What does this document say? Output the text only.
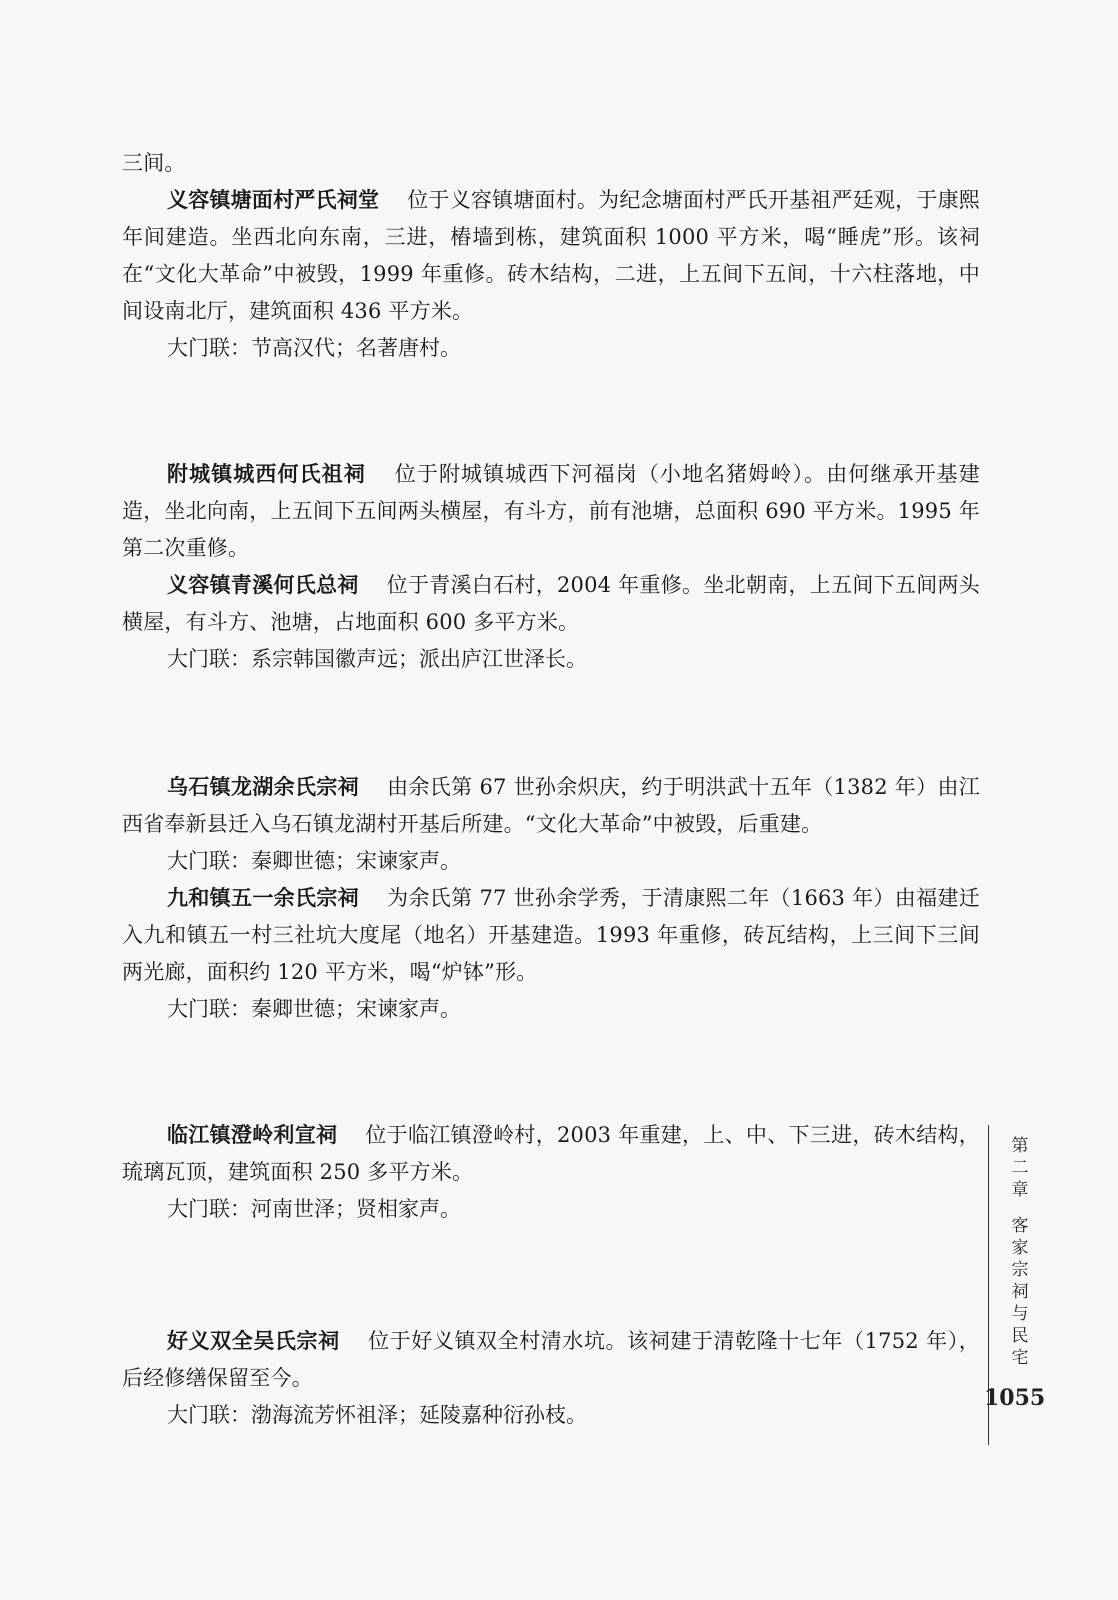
三间。

义容镇塘面村严氏祠堂 位于义容镇塘面村。为纪念塘面村严氏开基祖严廷观，于康熙年间建造。坐西北向东南，三进，樁墙到栋，建筑面积 1000 平方米，喝“睡虎”形。该祠在“文化大革命”中被毁，1999 年重修。砖木结构，二进，上五间下五间，十六柱落地，中间设南北厅，建筑面积 436 平方米。

大门联：节高汉代；名著唐村。

附城镇城西何氏祖祠 位于附城镇城西下河福岗（小地名猪姆岭）。由何继承开基建造，坐北向南，上五间下五间两头横屋，有斗方，前有池塘，总面积 690 平方米。1995 年第二次重修。

义容镇青溪何氏总祠 位于青溪白石村，2004 年重修。坐北朝南，上五间下五间两头横屋，有斗方、池塘，占地面积 600 多平方米。

大门联：系宗韩国徽声远；派出庐江世泽长。

乌石镇龙湖余氏宗祠 由余氏第 67 世孙余炽庆，约于明洪武十五年（1382 年）由江西省奉新县迁入乌石镇龙湖村开基后所建。“文化大革命”中被毁，后重建。

大门联：秦卿世德；宋谏家声。

九和镇五一余氏宗祠 为余氏第 77 世孙余学秀，于清康熙二年（1663 年）由福建迁入九和镇五一村三社坑大度尾（地名）开基建造。1993 年重修，砖瓦结构，上三间下三间两光廊，面积约 120 平方米，喝“炉钵”形。

大门联：秦卿世德；宋谏家声。

临江镇澄岭利宣祠 位于临江镇澄岭村，2003 年重建，上、中、下三进，砖木结构，琉璃瓦顶，建筑面积 250 多平方米。

大门联：河南世泽；贤相家声。

好义双全吴氏宗祠 位于好义镇双全村清水坑。该祠建于清乾隆十七年（1752 年），后经修缮保留至今。

大门联：渤海流芳怀祖泽；延陵嘉种衍孙枝。

第
二
章
客
家
宗
祠
与
民
宅
1055
